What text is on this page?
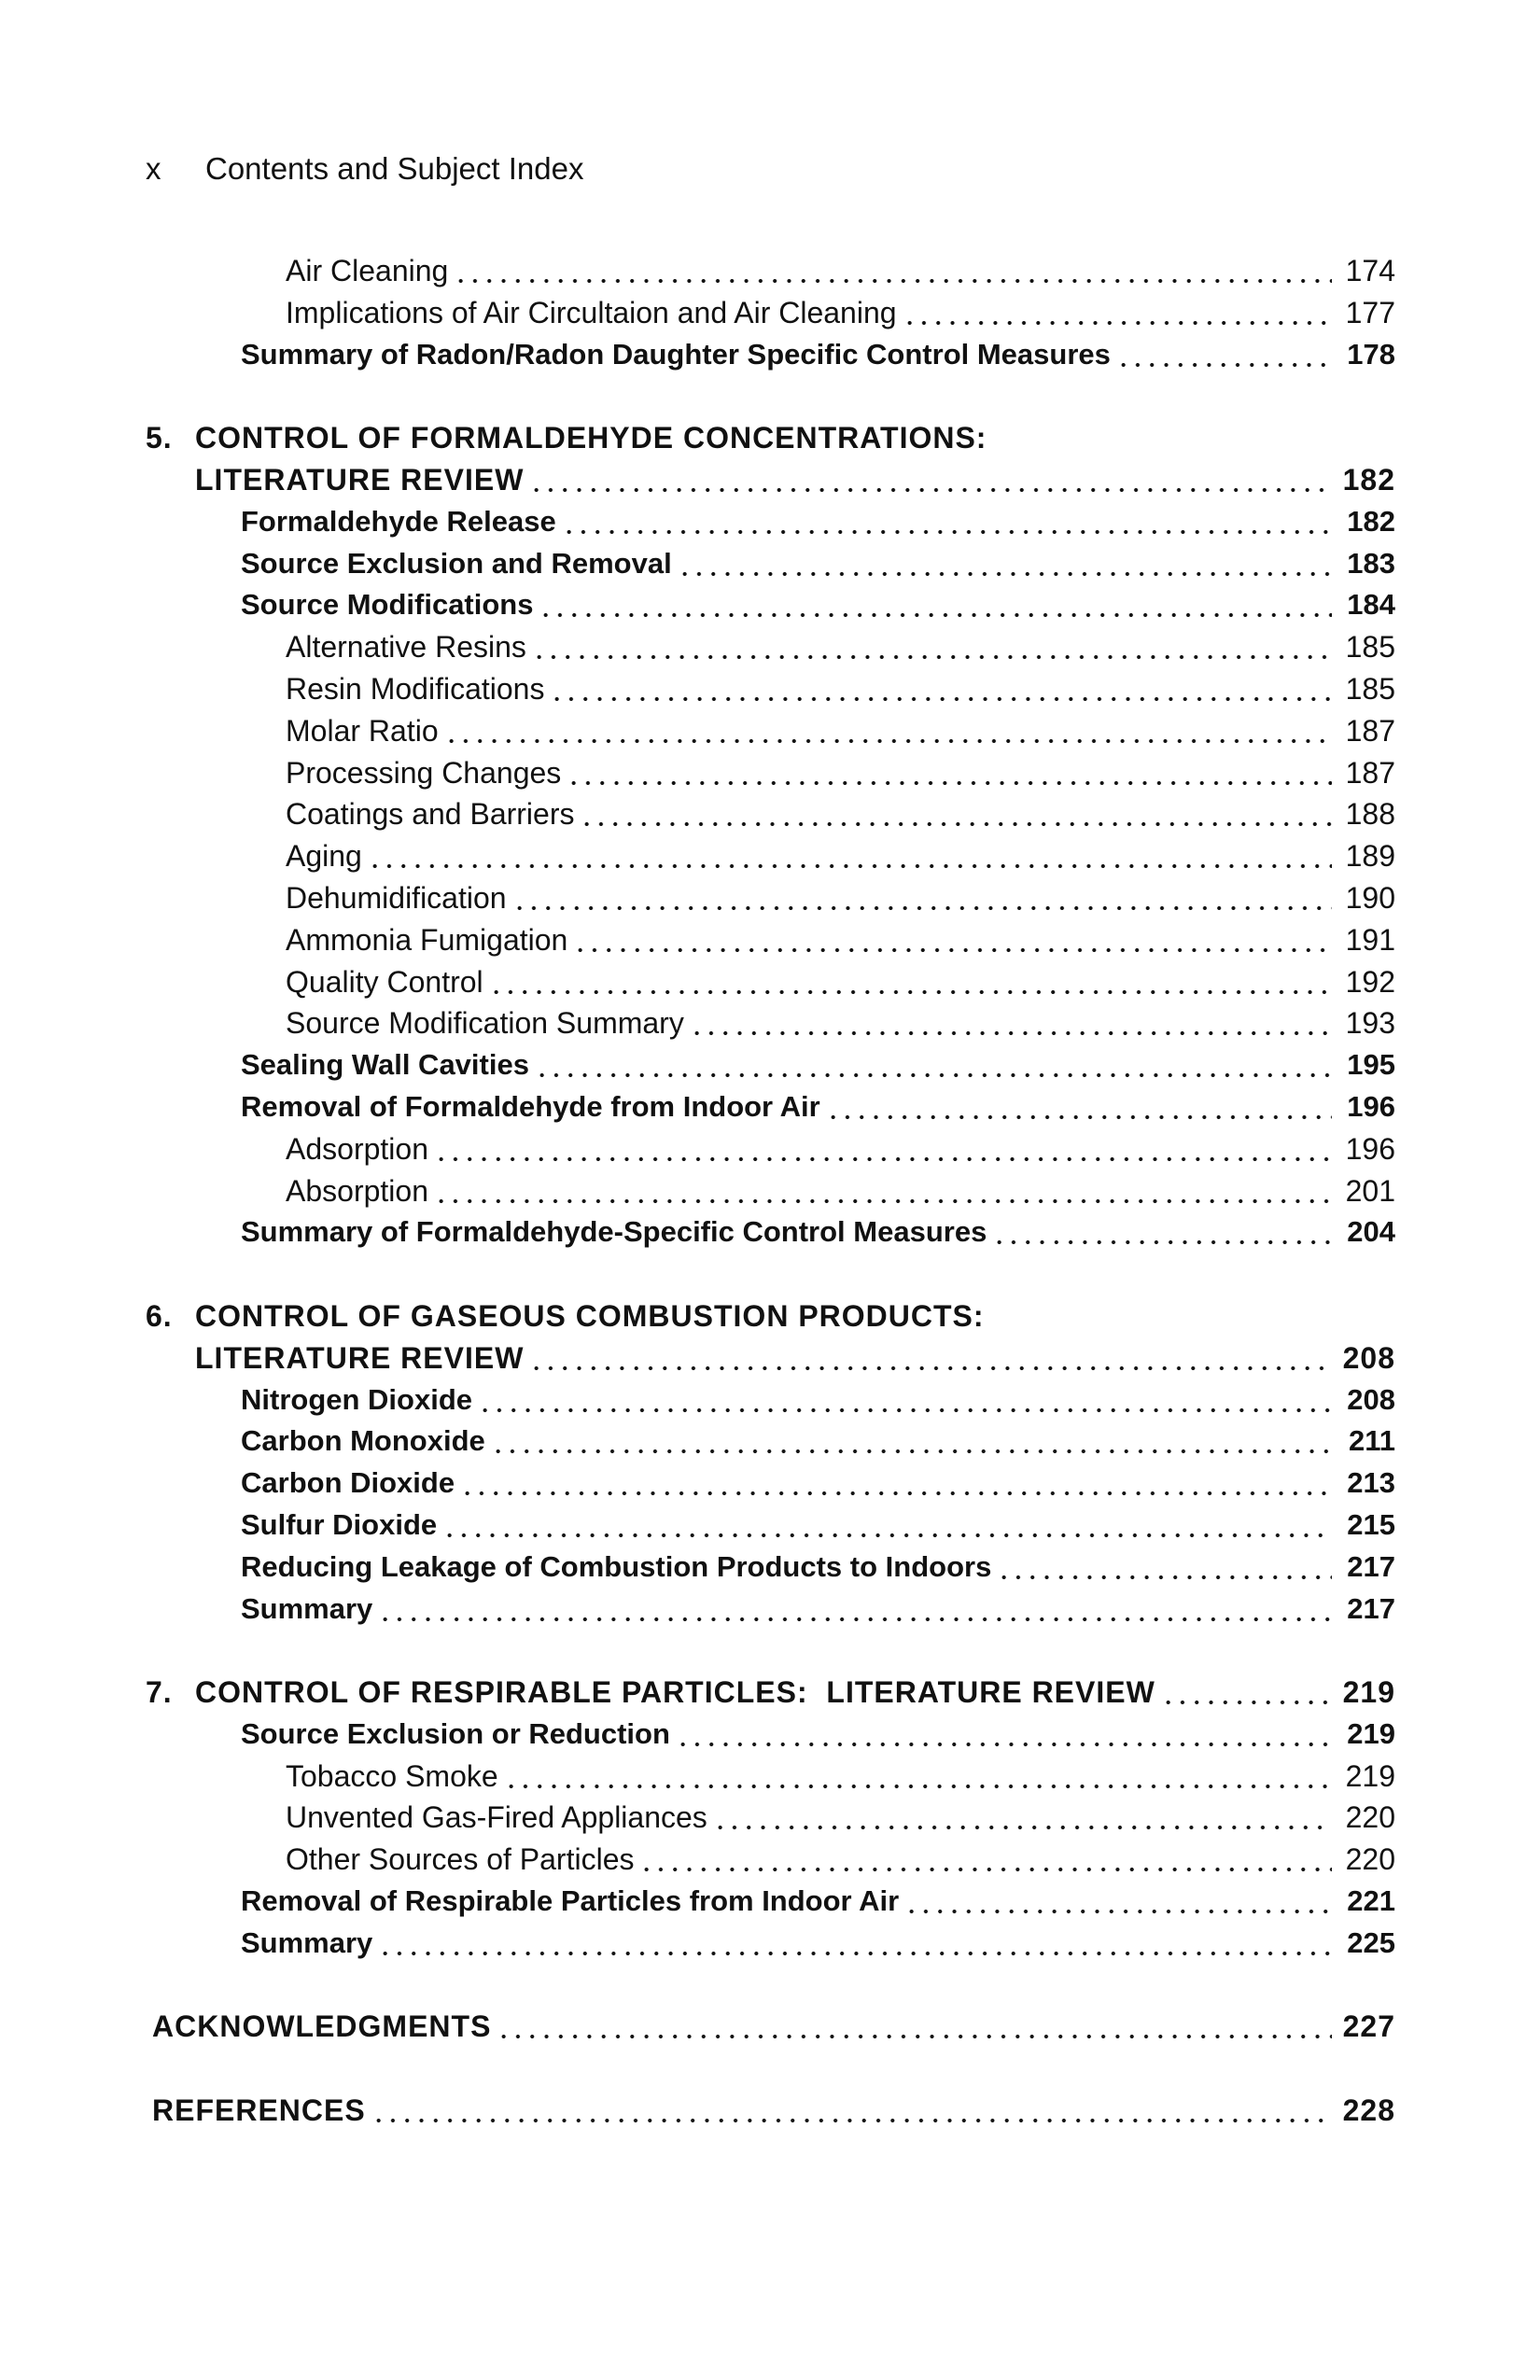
x Contents and Subject Index
Air Cleaning	174
Implications of Air Circultaion and Air Cleaning	177
Summary of Radon/Radon Daughter Specific Control Measures	178
5. CONTROL OF FORMALDEHYDE CONCENTRATIONS:
LITERATURE REVIEW	182
Formaldehyde Release	182
Source Exclusion and Removal	183
Source Modifications	184
Alternative Resins	185
Resin Modifications	185
Molar Ratio	187
Processing Changes	187
Coatings and Barriers	188
Aging	189
Dehumidification	190
Ammonia Fumigation	191
Quality Control	192
Source Modification Summary	193
Sealing Wall Cavities	195
Removal of Formaldehyde from Indoor Air	196
Adsorption	196
Absorption	201
Summary of Formaldehyde-Specific Control Measures	204
6. CONTROL OF GASEOUS COMBUSTION PRODUCTS:
LITERATURE REVIEW	208
Nitrogen Dioxide	208
Carbon Monoxide	211
Carbon Dioxide	213
Sulfur Dioxide	215
Reducing Leakage of Combustion Products to Indoors	217
Summary	217
7. CONTROL OF RESPIRABLE PARTICLES:  LITERATURE REVIEW	219
Source Exclusion or Reduction	219
Tobacco Smoke	219
Unvented Gas-Fired Appliances	220
Other Sources of Particles	220
Removal of Respirable Particles from Indoor Air	221
Summary	225
ACKNOWLEDGMENTS	227
REFERENCES	228
